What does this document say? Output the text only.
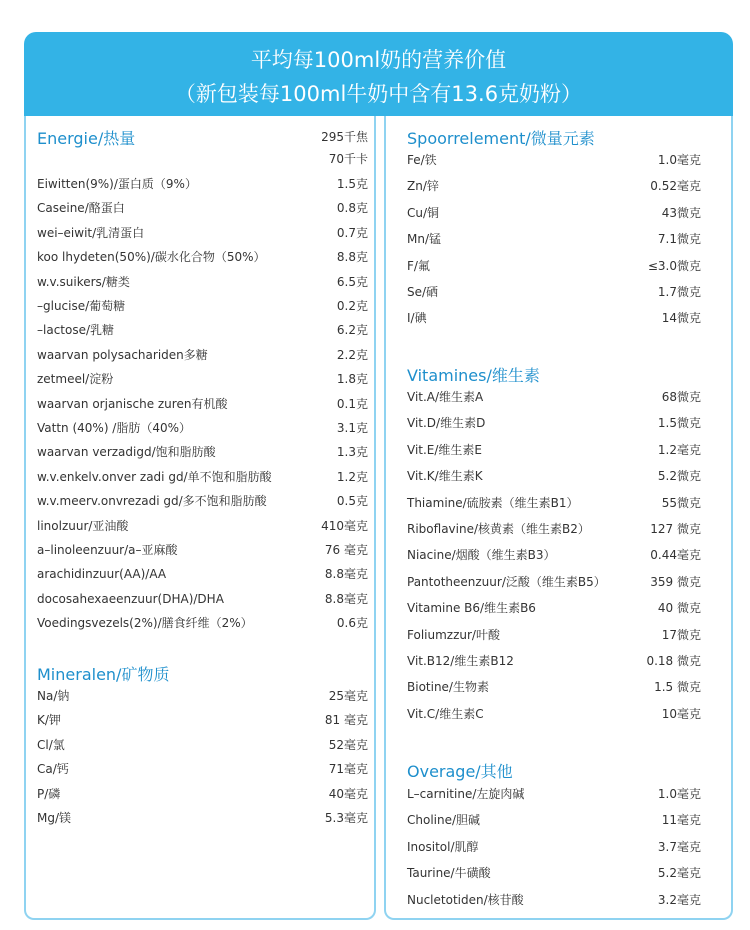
平均每100ml奶的营养价值
（新包装每100ml牛奶中含有13.6克奶粉）
Energie/热量	295千焦
70千卡
Eiwitten(9%)/蛋白质（9%）	1.5克
Caseine/酪蛋白	0.8克
wei–eiwit/乳清蛋白	0.7克
koo lhydeten(50%)/碳水化合物（50%）	8.8克
w.v.suikers/糖类	6.5克
–glucise/葡萄糖	0.2克
–lactose/乳糖	6.2克
waarvan polysachariden多糖	2.2克
zetmeel/淀粉	1.8克
waarvan orjanische zuren有机酸	0.1克
Vattn (40%) /脂肪（40%）	3.1克
waarvan verzadigd/饱和脂肪酸	1.3克
w.v.enkelv.onver zadi gd/单不饱和脂肪酸	1.2克
w.v.meerv.onvrezadi gd/多不饱和脂肪酸	0.5克
linolzuur/亚油酸	410毫克
a–linoleenzuur/a–亚麻酸	76 毫克
arachidinzuur(AA)/AA	8.8毫克
docosahexaeenzuur(DHA)/DHA	8.8毫克
Voedingsvezels(2%)/膳食纤维（2%）	0.6克
Mineralen/矿物质
Na/钠	25毫克
K/钾	81 毫克
Cl/氯	52毫克
Ca/钙	71毫克
P/磷	40毫克
Mg/镁	5.3毫克
Spoorrelement/微量元素
Fe/铁	1.0毫克
Zn/锌	0.52毫克
Cu/铜	43微克
Mn/锰	7.1微克
F/氟	≤3.0微克
Se/硒	1.7微克
I/碘	14微克
Vitamines/维生素
Vit.A/维生素A	68微克
Vit.D/维生素D	1.5微克
Vit.E/维生素E	1.2毫克
Vit.K/维生素K	5.2微克
Thiamine/硫胺素（维生素B1）	55微克
Riboflavine/核黄素（维生素B2）	127 微克
Niacine/烟酸（维生素B3）	0.44毫克
Pantotheenzuur/泛酸（维生素B5）	359 微克
Vitamine B6/维生素B6	40 微克
Foliumzzur/叶酸	17微克
Vit.B12/维生素B12	0.18 微克
Biotine/生物素	1.5 微克
Vit.C/维生素C	10毫克
Overage/其他
L–carnitine/左旋肉碱	1.0毫克
Choline/胆碱	11毫克
Inositol/肌醇	3.7毫克
Taurine/牛磺酸	5.2毫克
Nucletotiden/核苷酸	3.2毫克
